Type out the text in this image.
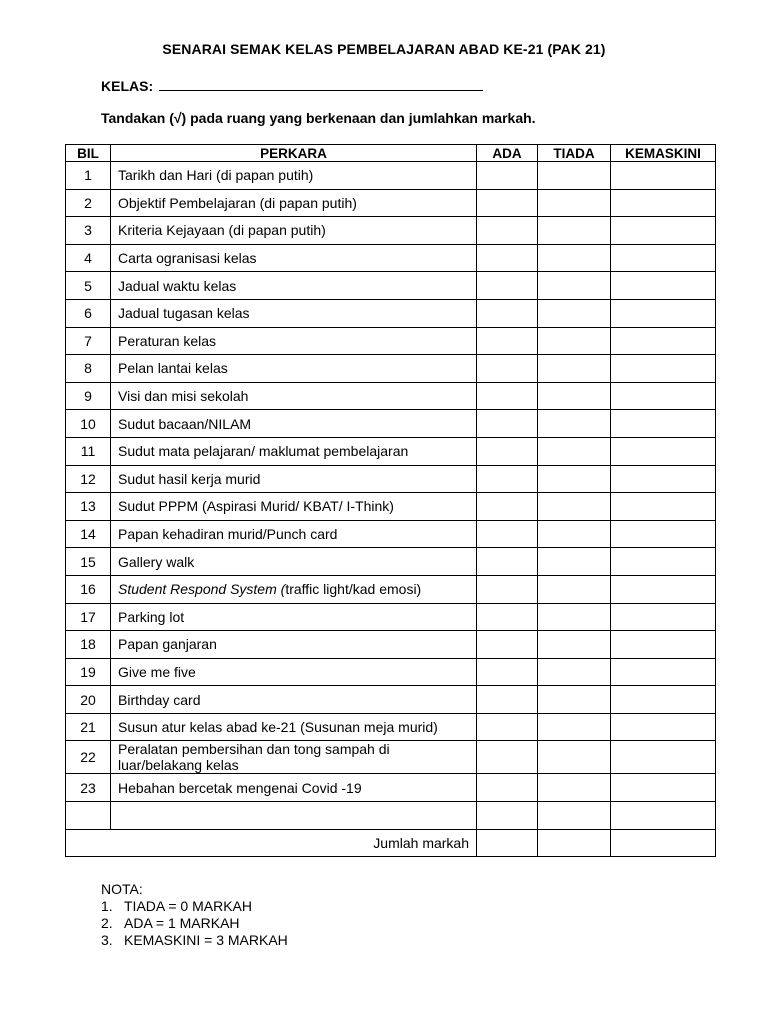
SENARAI SEMAK KELAS PEMBELAJARAN ABAD KE-21 (PAK 21)
KELAS:
Tandakan (√) pada ruang yang berkenaan dan jumlahkan markah.
BIL	PERKARA	ADA	TIADA	KEMASKINI
1	Tarikh dan Hari (di papan putih)			
2	Objektif Pembelajaran (di papan putih)			
3	Kriteria Kejayaan (di papan putih)			
4	Carta ogranisasi kelas			
5	Jadual waktu kelas			
6	Jadual tugasan kelas			
7	Peraturan kelas			
8	Pelan lantai kelas			
9	Visi dan misi sekolah			
10	Sudut bacaan/NILAM			
11	Sudut mata pelajaran/ maklumat pembelajaran			
12	Sudut hasil kerja murid			
13	Sudut PPPM (Aspirasi Murid/ KBAT/ I-Think)			
14	Papan kehadiran murid/Punch card			
15	Gallery walk			
16	Student Respond System (traffic light/kad emosi)			
17	Parking lot			
18	Papan ganjaran			
19	Give me five			
20	Birthday card			
21	Susun atur kelas abad ke-21 (Susunan meja murid)			
22	Peralatan pembersihan dan tong sampah di luar/belakang kelas			
23	Hebahan bercetak mengenai Covid -19			

Jumlah markah				
NOTA:
1. TIADA = 0 MARKAH
2. ADA = 1 MARKAH
3. KEMASKINI = 3 MARKAH
